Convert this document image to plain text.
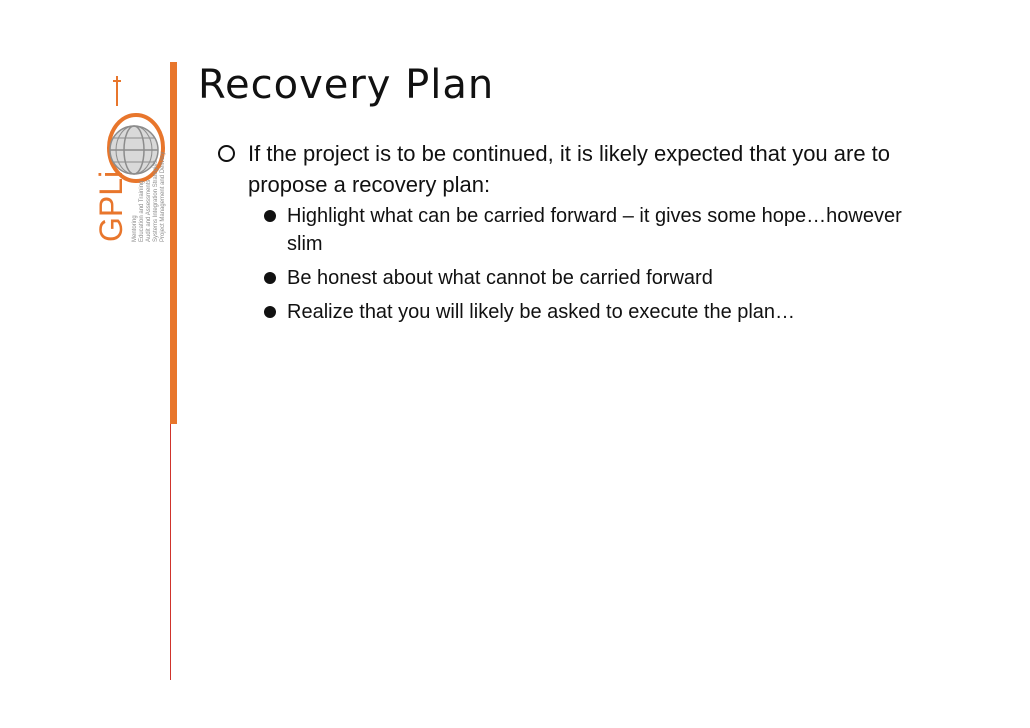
GPLi Mentoring Education and Training Audit and Assessments Systems Integration Strategies Project Management and Delivery
Recovery Plan
If the project is to be continued, it is likely expected that you are to propose a recovery plan:
Highlight what can be carried forward – it gives some hope…however slim
Be honest about what cannot be carried forward
Realize that you will likely be asked to execute the plan…
